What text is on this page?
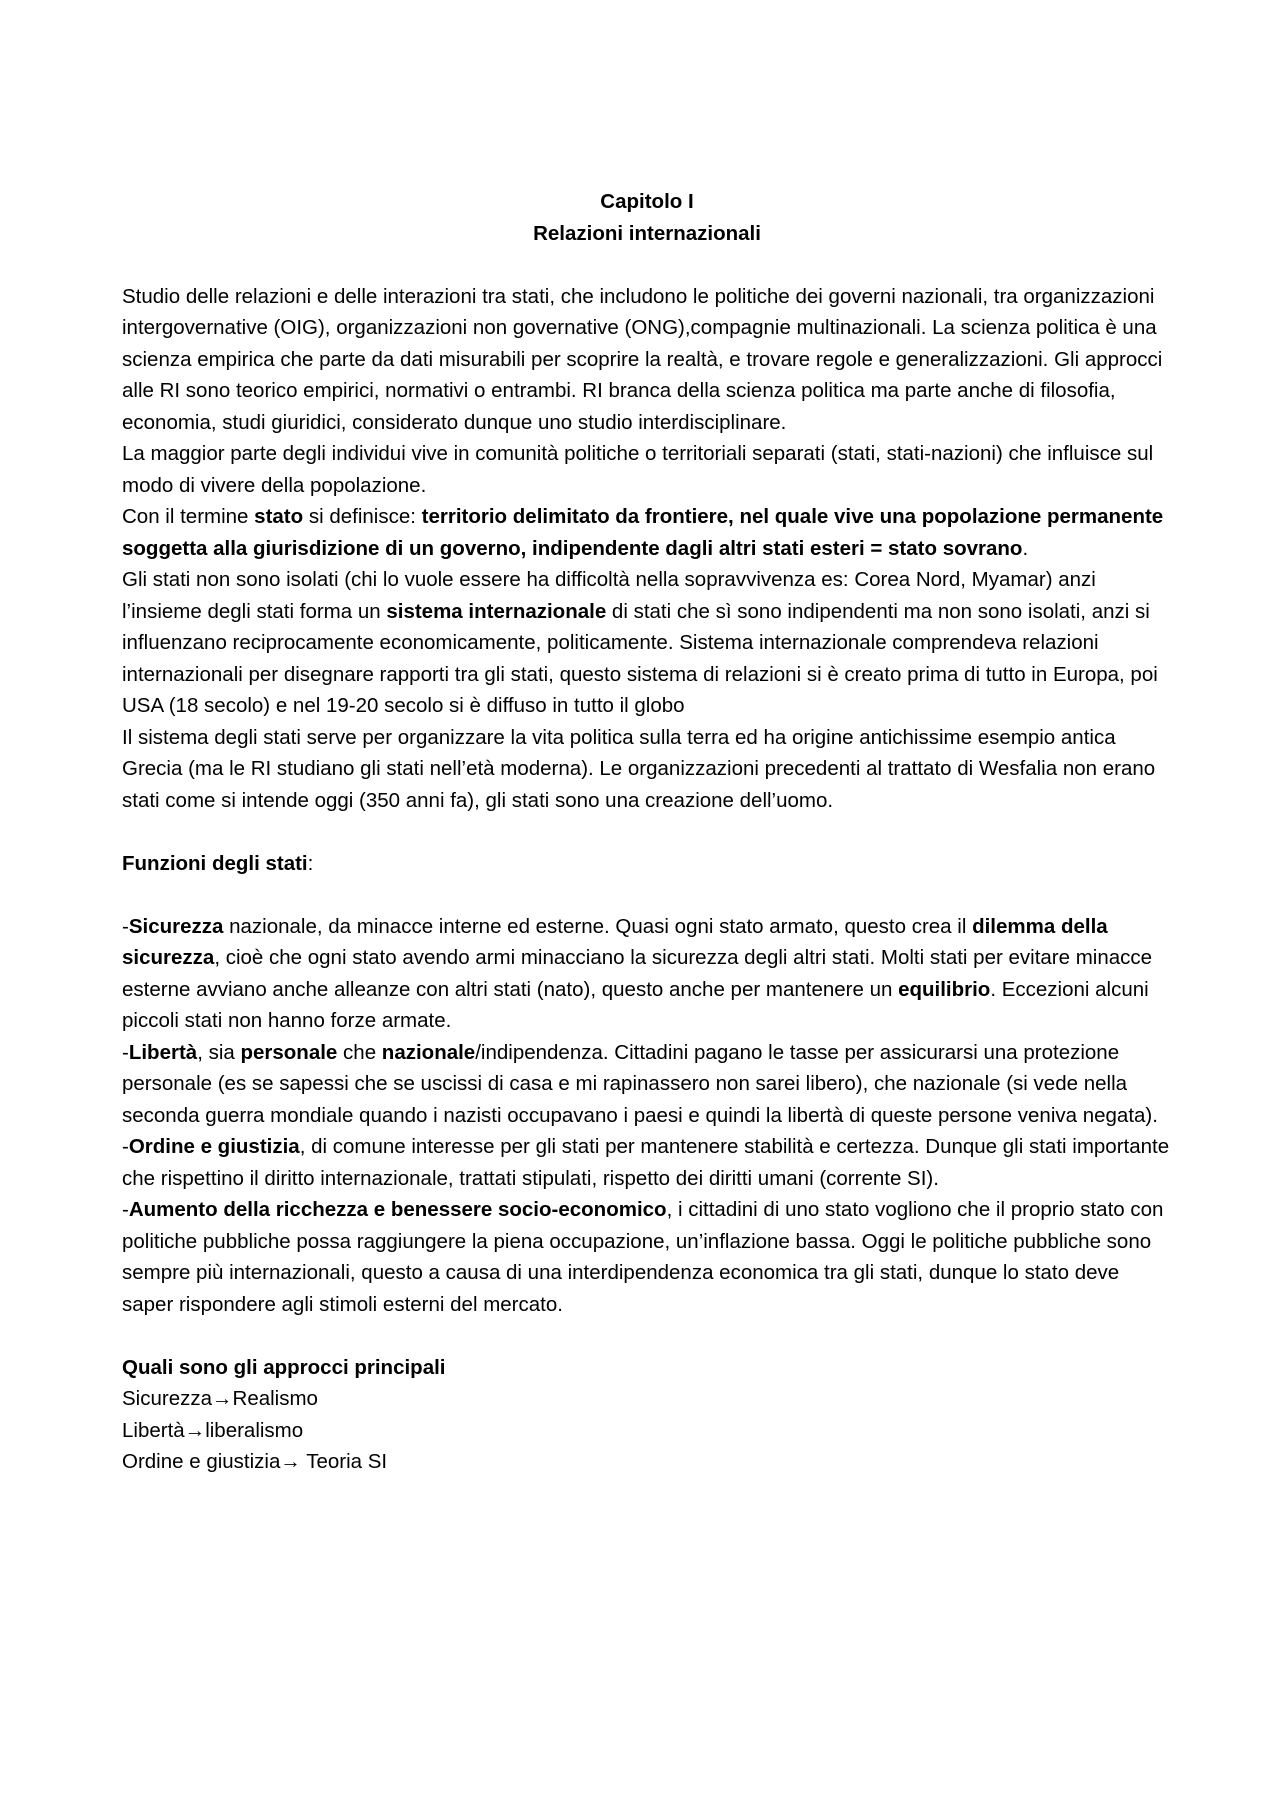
Capitolo I
Relazioni internazionali

Studio delle relazioni e delle interazioni tra stati, che includono le politiche dei governi nazionali, tra organizzazioni intergovernative (OIG), organizzazioni non governative (ONG),compagnie multinazionali. La scienza politica è una scienza empirica che parte da dati misurabili per scoprire la realtà, e trovare regole e generalizzazioni. Gli approcci alle RI sono teorico empirici, normativi o entrambi. RI branca della scienza politica ma parte anche di filosofia, economia, studi giuridici, considerato dunque uno studio interdisciplinare.

La maggior parte degli individui vive in comunità politiche o territoriali separati (stati, stati-nazioni) che influisce sul modo di vivere della popolazione.

Con il termine stato si definisce: territorio delimitato da frontiere, nel quale vive una popolazione permanente soggetta alla giurisdizione di un governo, indipendente dagli altri stati esteri = stato sovrano.

Gli stati non sono isolati (chi lo vuole essere ha difficoltà nella sopravvivenza es: Corea Nord, Myamar) anzi l’insieme degli stati forma un sistema internazionale di stati che sì sono indipendenti ma non sono isolati, anzi si influenzano reciprocamente economicamente, politicamente. Sistema internazionale comprendeva relazioni internazionali per disegnare rapporti tra gli stati, questo sistema di relazioni si è creato prima di tutto in Europa, poi USA (18 secolo) e nel 19-20 secolo si è diffuso in tutto il globo

Il sistema degli stati serve per organizzare la vita politica sulla terra ed ha origine antichissime esempio antica Grecia (ma le RI studiano gli stati nell’età moderna). Le organizzazioni precedenti al trattato di Wesfalia non erano stati come si intende oggi (350 anni fa), gli stati sono una creazione dell’uomo.

Funzioni degli stati:

-Sicurezza nazionale, da minacce interne ed esterne. Quasi ogni stato armato, questo crea il dilemma della sicurezza, cioè che ogni stato avendo armi minacciano la sicurezza degli altri stati. Molti stati per evitare minacce esterne avviano anche alleanze con altri stati (nato), questo anche per mantenere un equilibrio. Eccezioni alcuni piccoli stati non hanno forze armate.

-Libertà, sia personale che nazionale/indipendenza. Cittadini pagano le tasse per assicurarsi una protezione personale (es se sapessi che se uscissi di casa e mi rapinassero non sarei libero), che nazionale (si vede nella seconda guerra mondiale quando i nazisti occupavano i paesi e quindi la libertà di queste persone veniva negata).

-Ordine e giustizia, di comune interesse per gli stati per mantenere stabilità e certezza. Dunque gli stati importante che rispettino il diritto internazionale, trattati stipulati, rispetto dei diritti umani (corrente SI).

-Aumento della ricchezza e benessere socio-economico, i cittadini di uno stato vogliono che il proprio stato con politiche pubbliche possa raggiungere la piena occupazione, un’inflazione bassa. Oggi le politiche pubbliche sono sempre più internazionali, questo a causa di una interdipendenza economica tra gli stati, dunque lo stato deve saper rispondere agli stimoli esterni del mercato.

Quali sono gli approcci principali

Sicurezza→Realismo

Libertà→liberalismo

Ordine e giustizia→ Teoria SI
